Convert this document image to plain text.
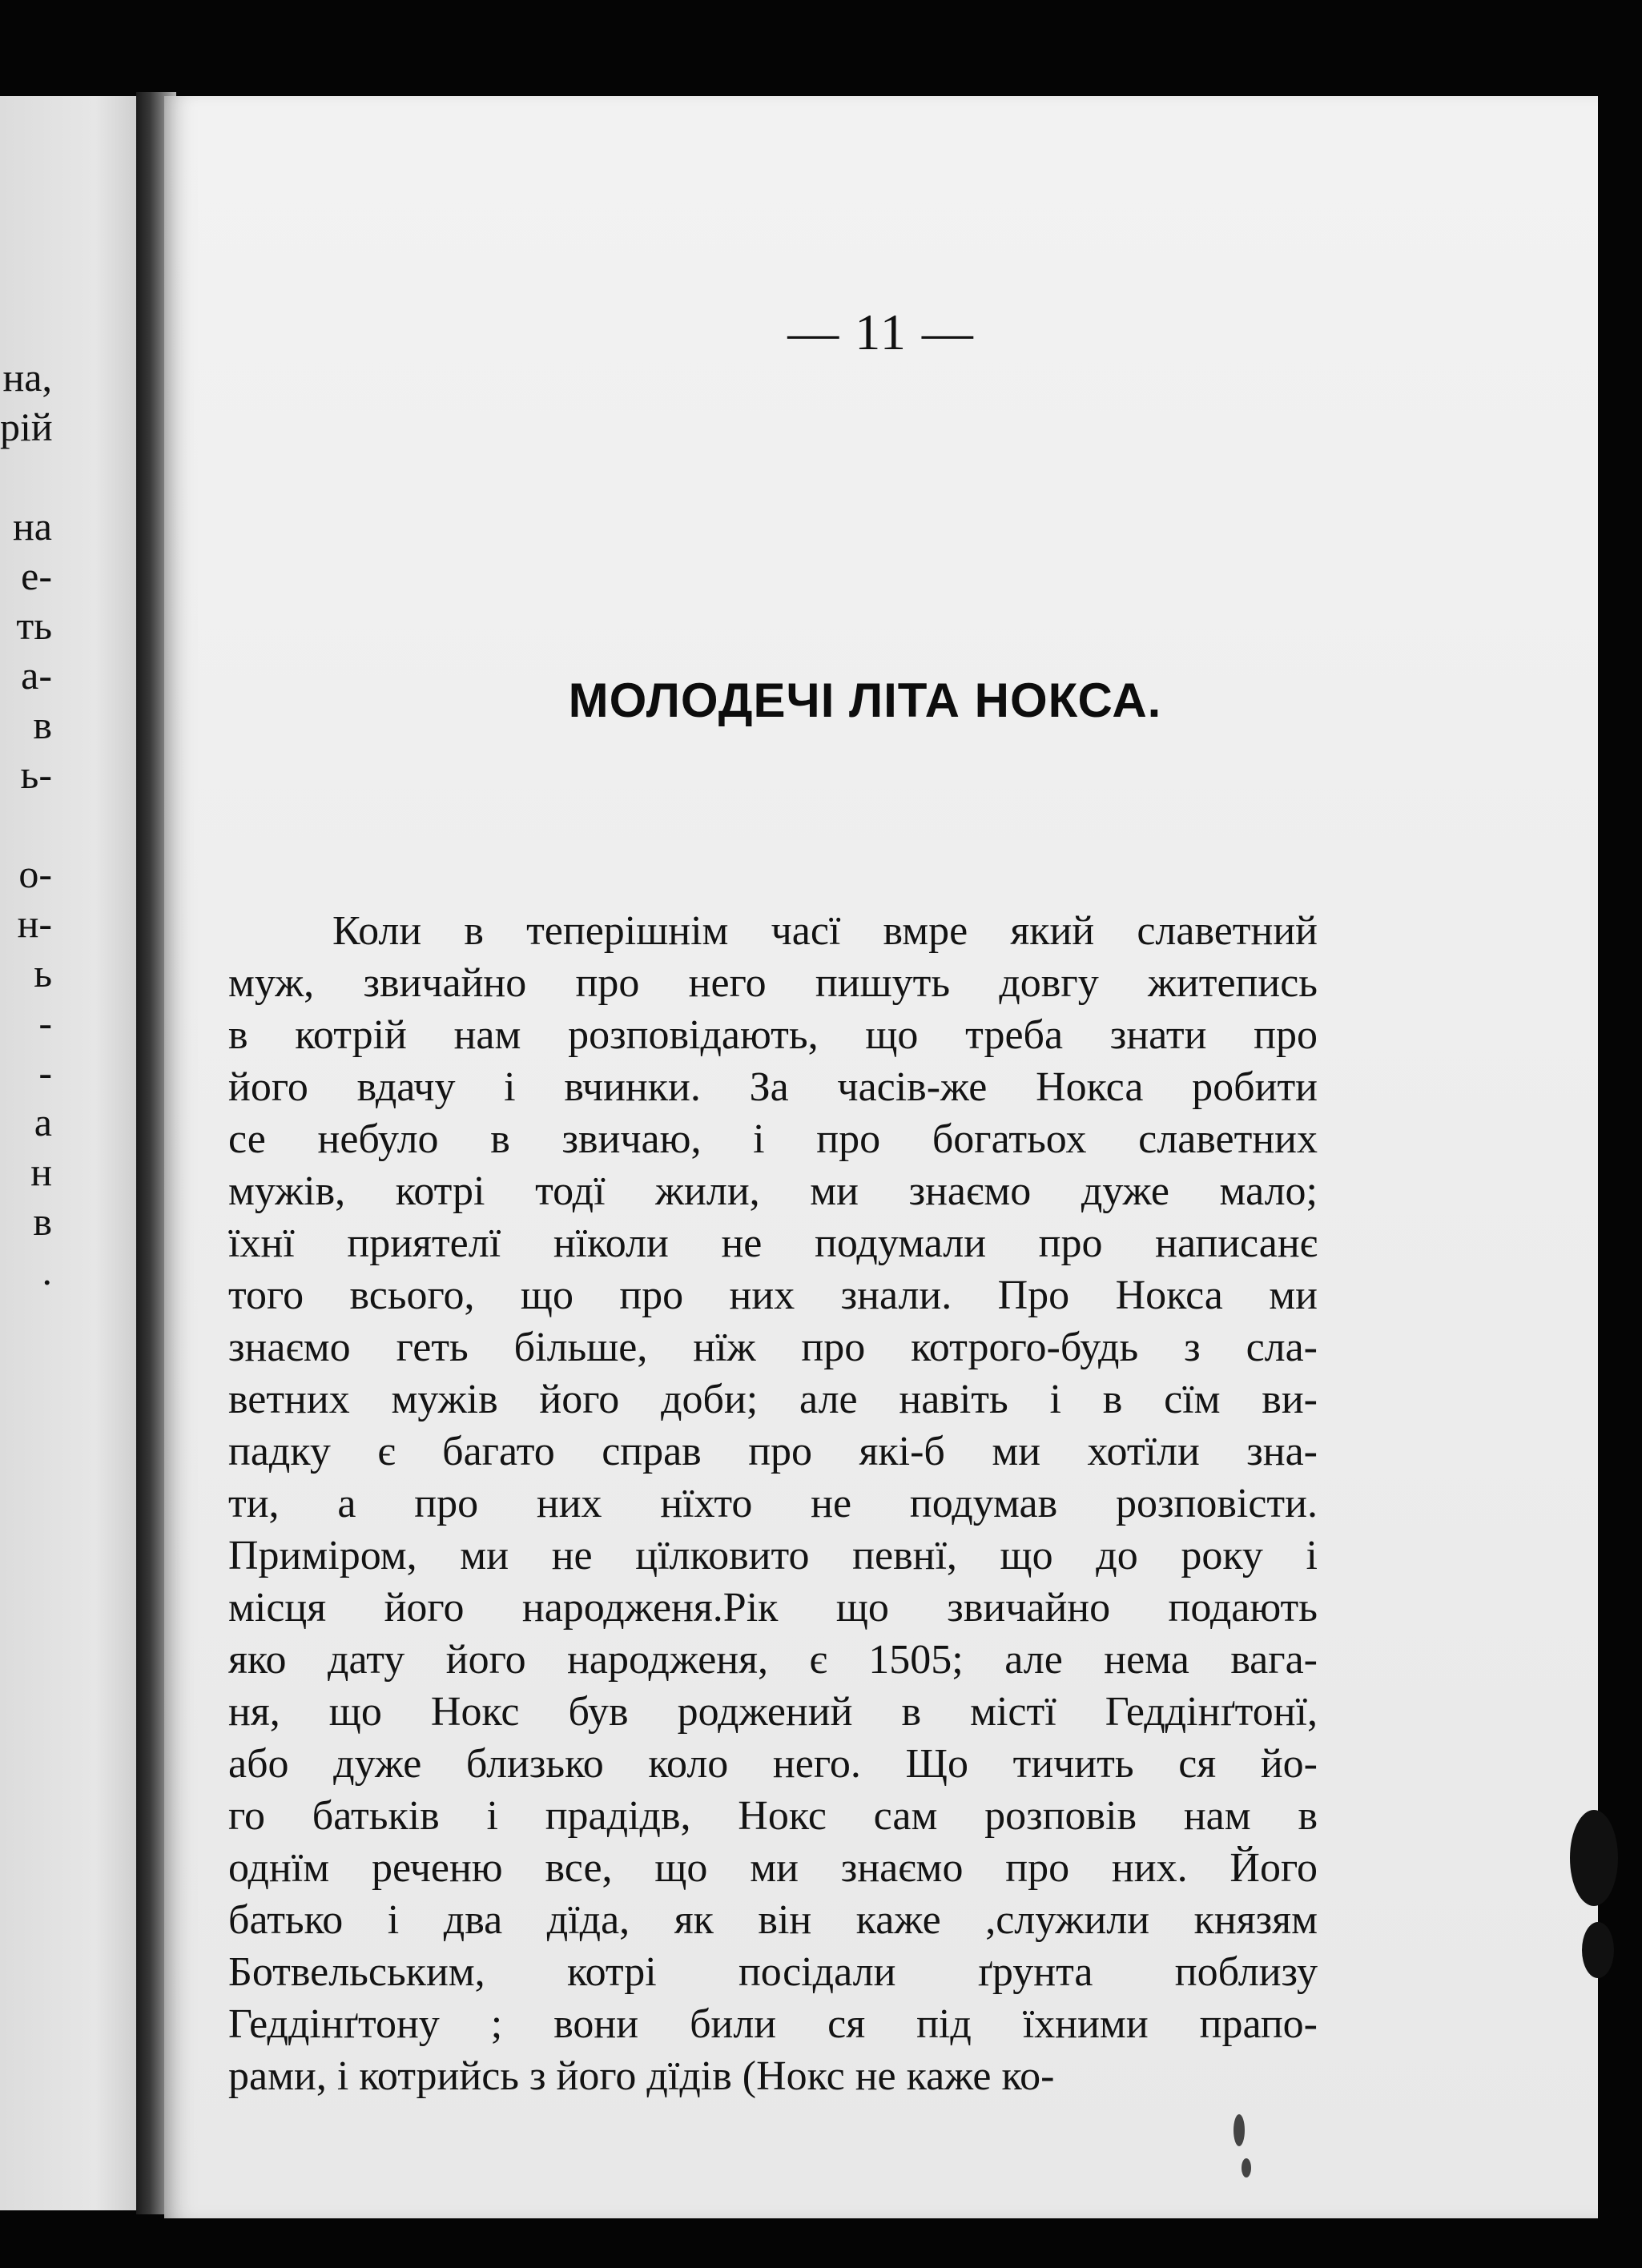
на,
рій
на
е-
ть
а-
в
ь-
о-
н-
ь
-
-
а
н
в
.
— 11 —
МОЛОДЕЧІ ЛІТА НОКСА.
Коли в теперішнім часї вмре який славетний
муж, звичайно про него пишуть довгу житепись
в котрій нам розповідають, що треба знати про
його вдачу і вчинки. За часів-же Нокса робити
се небуло в звичаю, і про богатьох славетних
мужів, котрі тодї жили, ми знаємо дуже мало;
їхнї приятелї нїколи не подумали про написанє
того всього, що про них знали. Про Нокса ми
знаємо геть більше, нїж про котрого-будь з сла-
ветних мужів його доби; але навіть і в сїм ви-
падку є багато справ про які-б ми хотїли зна-
ти, а про них нїхто не подумав розповісти.
Приміром, ми не цїлковито певнї, що до року і
місця його народженя.Рік що звичайно подають
яко дату його народженя, є 1505; але нема вага-
ня, що Нокс був роджений в містї Геддінґтонї,
або дуже близько коло него. Що тичить ся йо-
го батьків і прадідв, Нокс сам розповів нам в
однїм реченю все, що ми знаємо про них. Його
батько і два дїда, як він каже ,служили князям
Ботвельським, котрі посідали ґрунта поблизу
Геддінґтону ; вони били ся під їхними прапо-
рами, і котрийсь з його дїдів (Нокс не каже ко-
